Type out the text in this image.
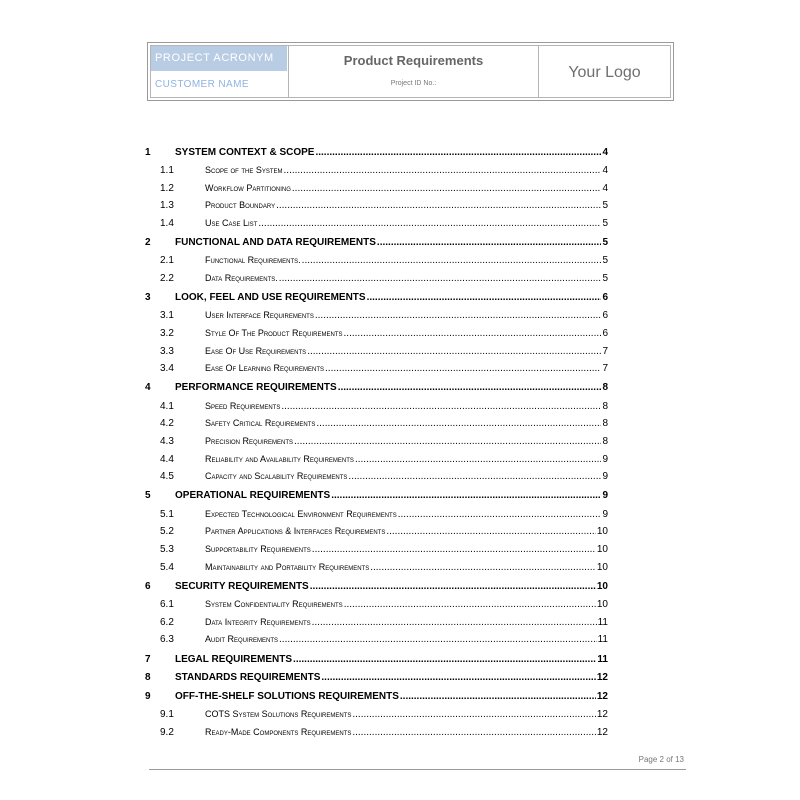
PROJECT ACRONYM
CUSTOMER NAME
Product Requirements
Project ID No.:
Your Logo
1 SYSTEM CONTEXT & SCOPE .....	4
1.1	Scope of the System .....	4
1.2	Workflow Partitioning .....	4
1.3	Product Boundary .....	5
1.4	Use Case List .....	5
2 FUNCTIONAL AND DATA REQUIREMENTS .....	5
2.1	Functional Requirements. .....	5
2.2	Data Requirements. .....	5
3 LOOK, FEEL AND USE REQUIREMENTS .....	6
3.1	User Interface Requirements .....	6
3.2	Style Of The Product Requirements .....	6
3.3	Ease Of Use Requirements .....	7
3.4	Ease Of Learning Requirements .....	7
4 PERFORMANCE REQUIREMENTS .....	8
4.1	Speed Requirements .....	8
4.2	Safety Critical Requirements .....	8
4.3	Precision Requirements .....	8
4.4	Reliability and Availability Requirements .....	9
4.5	Capacity and Scalability Requirements .....	9
5 OPERATIONAL REQUIREMENTS .....	9
5.1	Expected Technological Environment Requirements .....	9
5.2	Partner Applications & Interfaces Requirements .....	10
5.3	Supportability Requirements .....	10
5.4	Maintainability and Portability Requirements .....	10
6 SECURITY REQUIREMENTS .....	10
6.1	System Confidentiality Requirements .....	10
6.2	Data Integrity Requirements .....	11
6.3	Audit Requirements .....	11
7 LEGAL REQUIREMENTS .....	11
8 STANDARDS REQUIREMENTS .....	12
9 OFF-THE-SHELF SOLUTIONS REQUIREMENTS .....	12
9.1	COTS System Solutions Requirements .....	12
9.2	Ready-Made Components Requirements .....	12
Page 2 of 13
